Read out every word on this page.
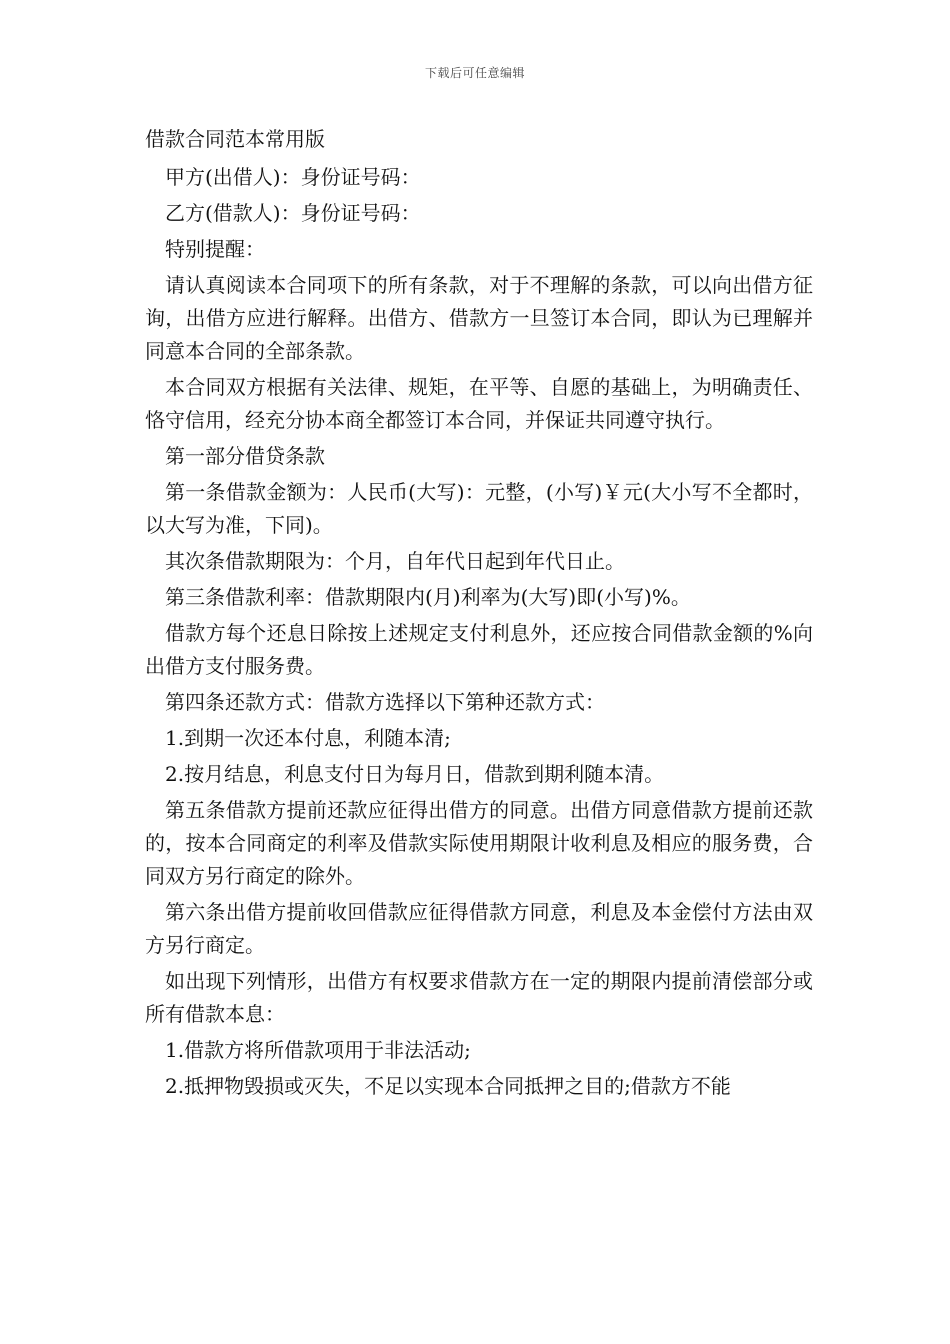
下载后可任意编辑
借款合同范本常用版

甲方(出借人)：身份证号码：

乙方(借款人)：身份证号码：

特别提醒：

请认真阅读本合同项下的所有条款，对于不理解的条款，可以向出借方征询，出借方应进行解释。出借方、借款方一旦签订本合同，即认为已理解并同意本合同的全部条款。

本合同双方根据有关法律、规矩，在平等、自愿的基础上，为明确责任、恪守信用，经充分协本商全都签订本合同，并保证共同遵守执行。

第一部分借贷条款

第一条借款金额为：人民币(大写)：元整，(小写)￥元(大小写不全都时，以大写为准，下同)。

其次条借款期限为：个月，自年代日起到年代日止。

第三条借款利率：借款期限内(月)利率为(大写)即(小写)%。

借款方每个还息日除按上述规定支付利息外，还应按合同借款金额的%向出借方支付服务费。

第四条还款方式：借款方选择以下第种还款方式：

1.到期一次还本付息，利随本清;

2.按月结息，利息支付日为每月日，借款到期利随本清。

第五条借款方提前还款应征得出借方的同意。出借方同意借款方提前还款的，按本合同商定的利率及借款实际使用期限计收利息及相应的服务费，合同双方另行商定的除外。

第六条出借方提前收回借款应征得借款方同意，利息及本金偿付方法由双方另行商定。

如出现下列情形，出借方有权要求借款方在一定的期限内提前清偿部分或所有借款本息：

1.借款方将所借款项用于非法活动;

2.抵押物毁损或灭失，不足以实现本合同抵押之目的;借款方不能
